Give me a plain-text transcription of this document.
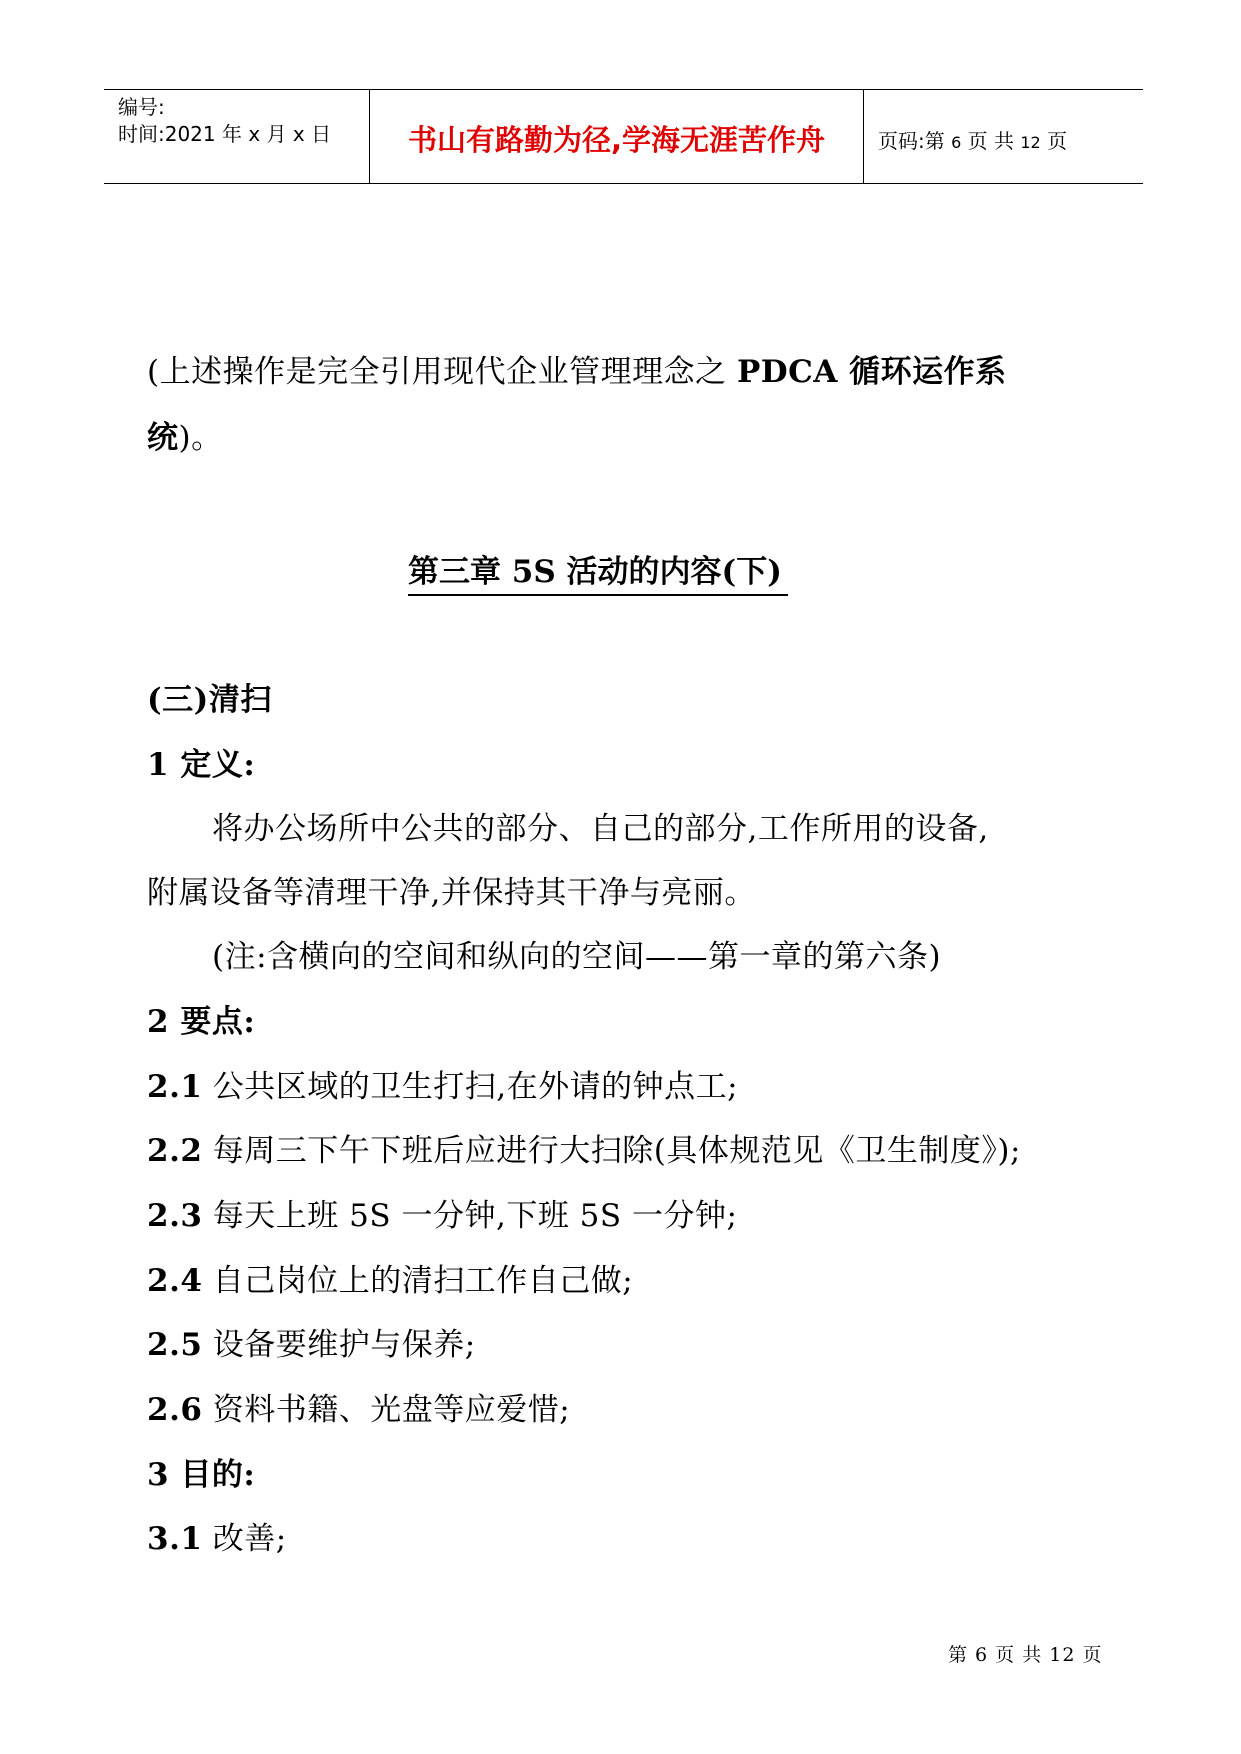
编号:
时间:2021 年 x 月 x 日	书山有路勤为径,学海无涯苦作舟	页码:第 6 页 共 12 页
(上述操作是完全引用现代企业管理理念之 PDCA 循环运作系
统)。
第三章 5S 活动的内容(下)
(三)清扫
1 定义:
将办公场所中公共的部分、自己的部分,工作所用的设备,
附属设备等清理干净,并保持其干净与亮丽。
(注:含横向的空间和纵向的空间——第一章的第六条)
2 要点:
2.1 公共区域的卫生打扫,在外请的钟点工;
2.2 每周三下午下班后应进行大扫除(具体规范见《卫生制度》);
2.3 每天上班 5S 一分钟,下班 5S 一分钟;
2.4 自己岗位上的清扫工作自己做;
2.5 设备要维护与保养;
2.6 资料书籍、光盘等应爱惜;
3 目的:
3.1 改善;
第 6 页 共 12 页
